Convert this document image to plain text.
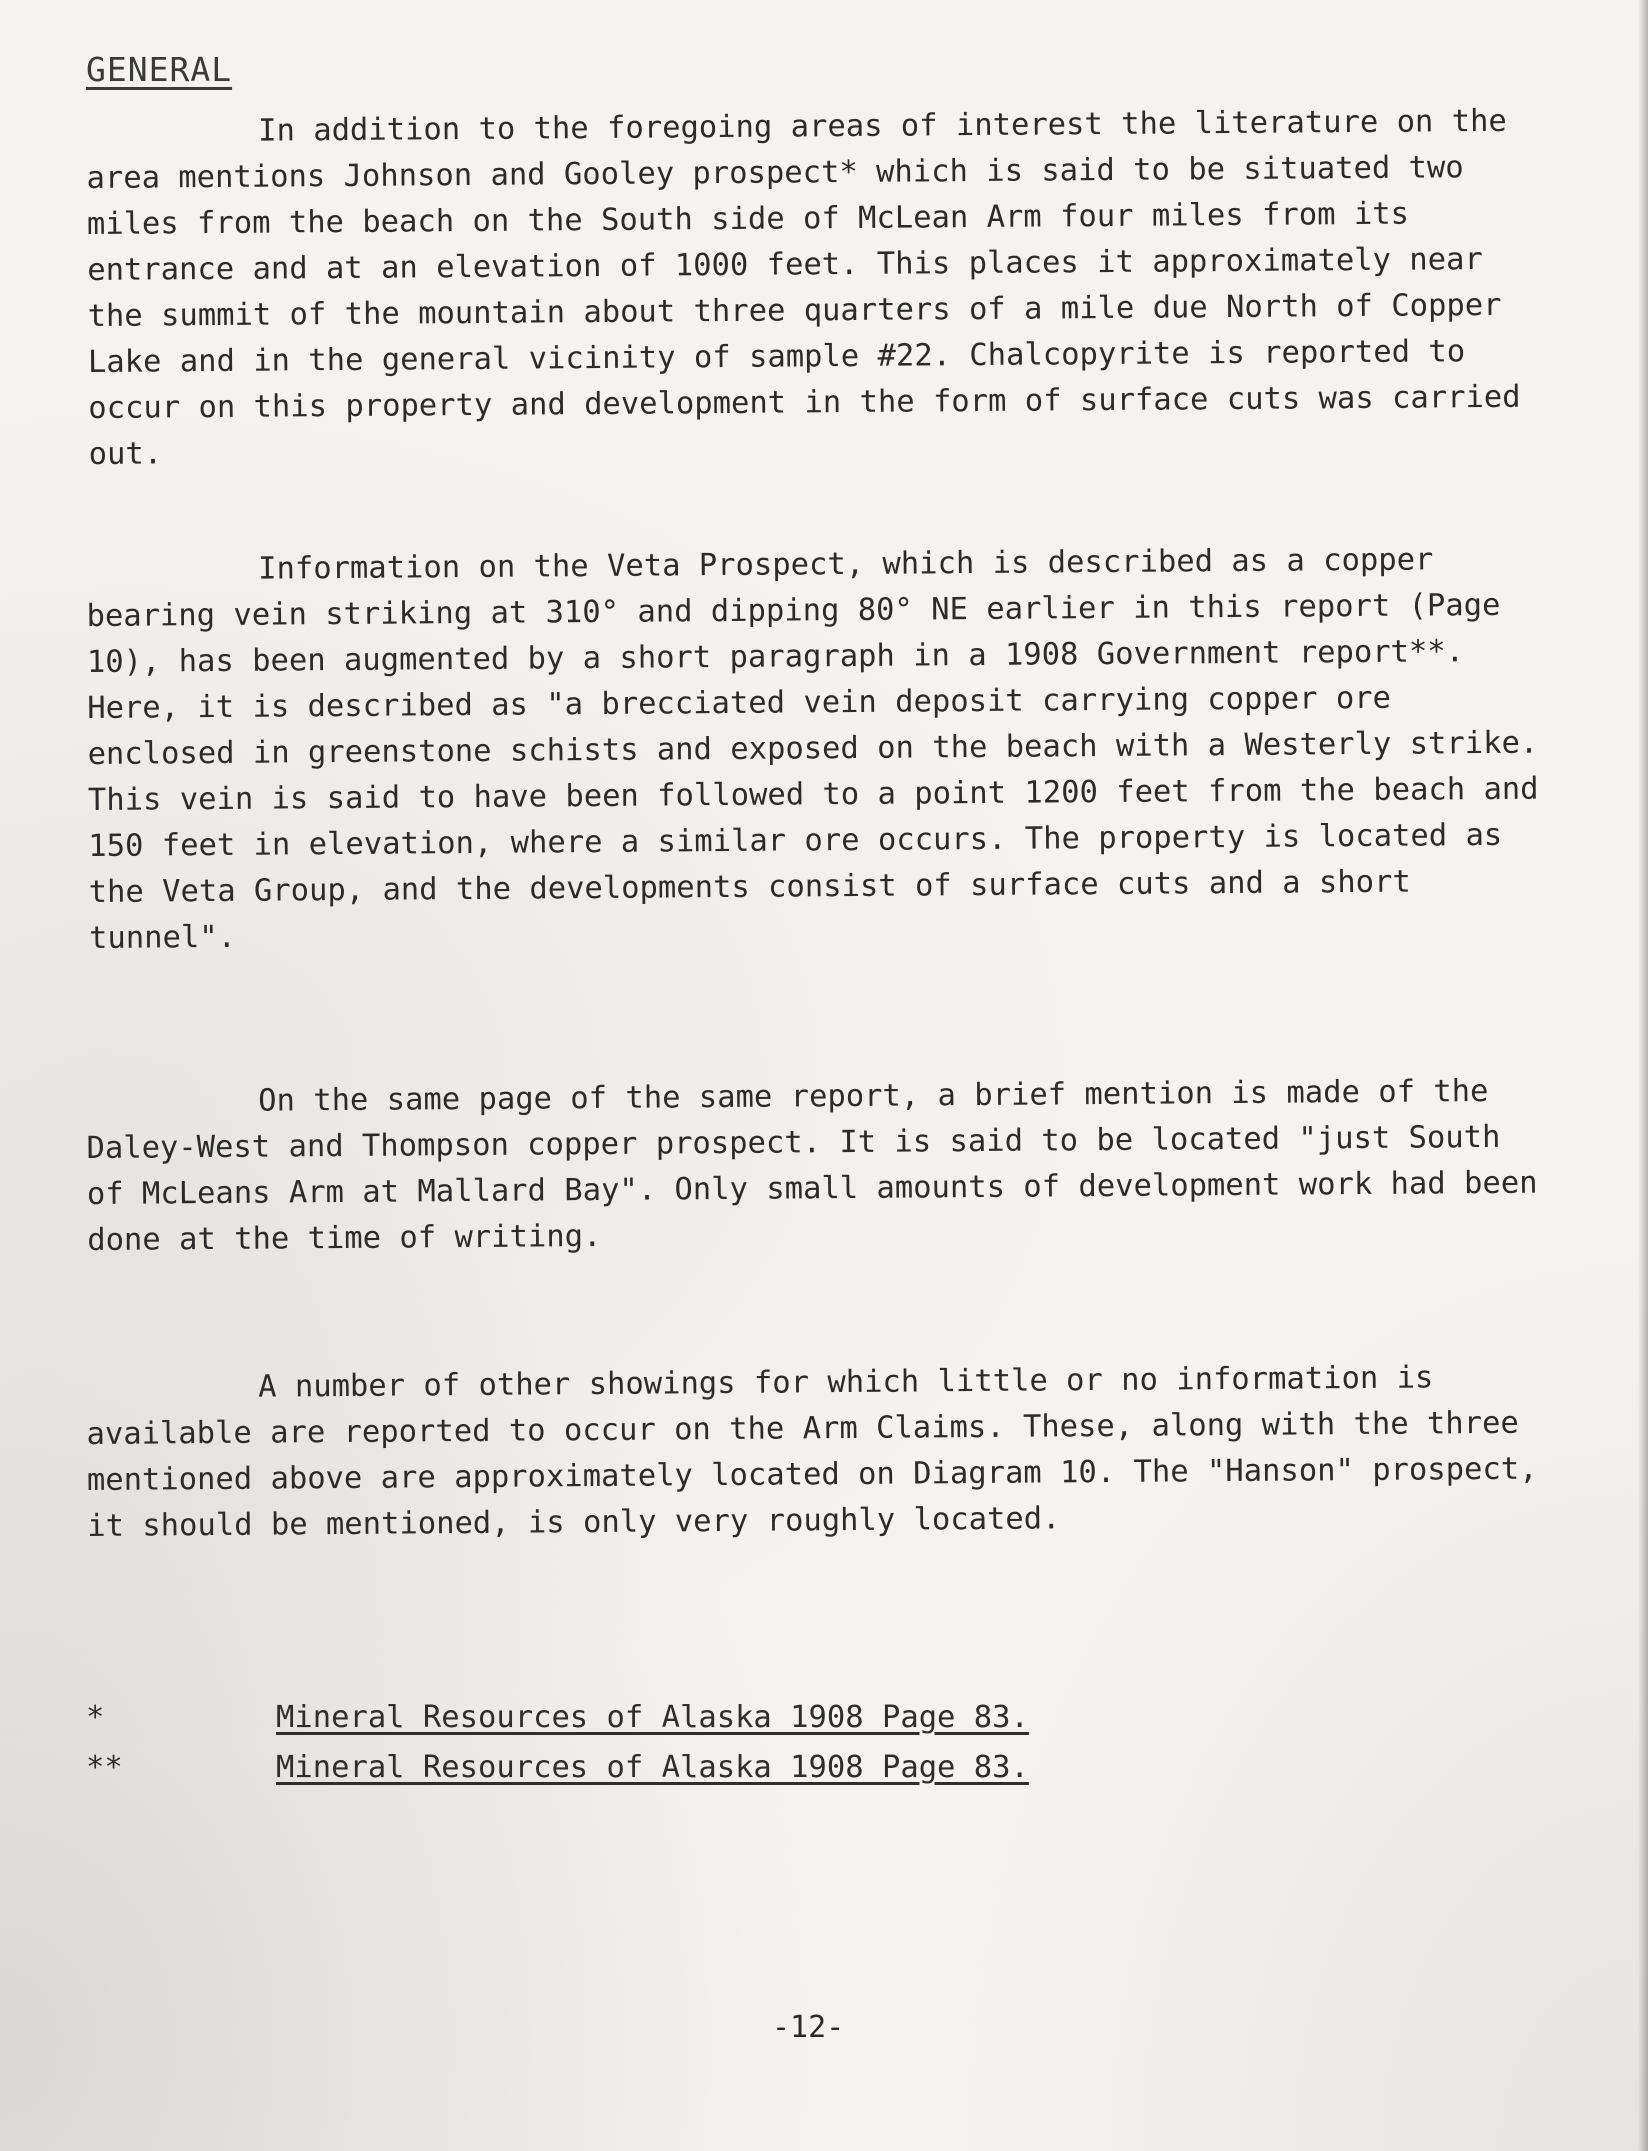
GENERAL
In addition to the foregoing areas of interest the literature on the area mentions Johnson and Gooley prospect* which is said to be situated two miles from the beach on the South side of McLean Arm four miles from its entrance and at an elevation of 1000 feet. This places it approximately near the summit of the mountain about three quarters of a mile due North of Copper Lake and in the general vicinity of sample #22. Chalcopyrite is reported to occur on this property and development in the form of surface cuts was carried out.
Information on the Veta Prospect, which is described as a copper bearing vein striking at 310° and dipping 80° NE earlier in this report (Page 10), has been augmented by a short paragraph in a 1908 Government report**. Here, it is described as "a brecciated vein deposit carrying copper ore enclosed in greenstone schists and exposed on the beach with a Westerly strike. This vein is said to have been followed to a point 1200 feet from the beach and 150 feet in elevation, where a similar ore occurs. The property is located as the Veta Group, and the developments consist of surface cuts and a short tunnel".
On the same page of the same report, a brief mention is made of the Daley-West and Thompson copper prospect. It is said to be located "just South of McLeans Arm at Mallard Bay". Only small amounts of development work had been done at the time of writing.
A number of other showings for which little or no information is available are reported to occur on the Arm Claims. These, along with the three mentioned above are approximately located on Diagram 10. The "Hanson" prospect, it should be mentioned, is only very roughly located.
*	Mineral Resources of Alaska 1908 Page 83.
**	Mineral Resources of Alaska 1908 Page 83.
-12-
